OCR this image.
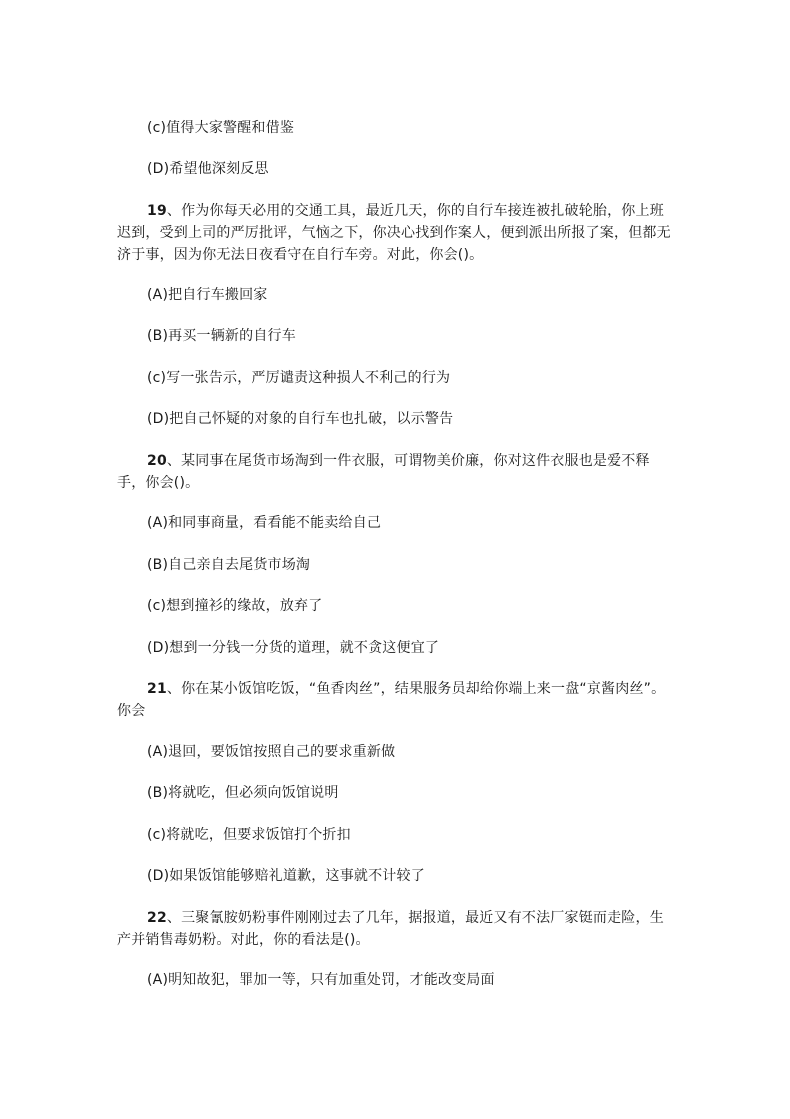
(c)值得大家警醒和借鉴
(D)希望他深刻反思
19、作为你每天必用的交通工具，最近几天，你的自行车接连被扎破轮胎，你上班迟到，受到上司的严厉批评，气恼之下，你决心找到作案人，便到派出所报了案，但都无济于事，因为你无法日夜看守在自行车旁。对此，你会()。
(A)把自行车搬回家
(B)再买一辆新的自行车
(c)写一张告示，严厉谴责这种损人不利己的行为
(D)把自己怀疑的对象的自行车也扎破，以示警告
20、某同事在尾货市场淘到一件衣服，可谓物美价廉，你对这件衣服也是爱不释手，你会()。
(A)和同事商量，看看能不能卖给自己
(B)自己亲自去尾货市场淘
(c)想到撞衫的缘故，放弃了
(D)想到一分钱一分货的道理，就不贪这便宜了
21、你在某小饭馆吃饭，“鱼香肉丝”，结果服务员却给你端上来一盘“京酱肉丝”。你会
(A)退回，要饭馆按照自己的要求重新做
(B)将就吃，但必须向饭馆说明
(c)将就吃，但要求饭馆打个折扣
(D)如果饭馆能够赔礼道歉，这事就不计较了
22、三聚氰胺奶粉事件刚刚过去了几年，据报道，最近又有不法厂家铤而走险，生产并销售毒奶粉。对此，你的看法是()。
(A)明知故犯，罪加一等，只有加重处罚，才能改变局面
